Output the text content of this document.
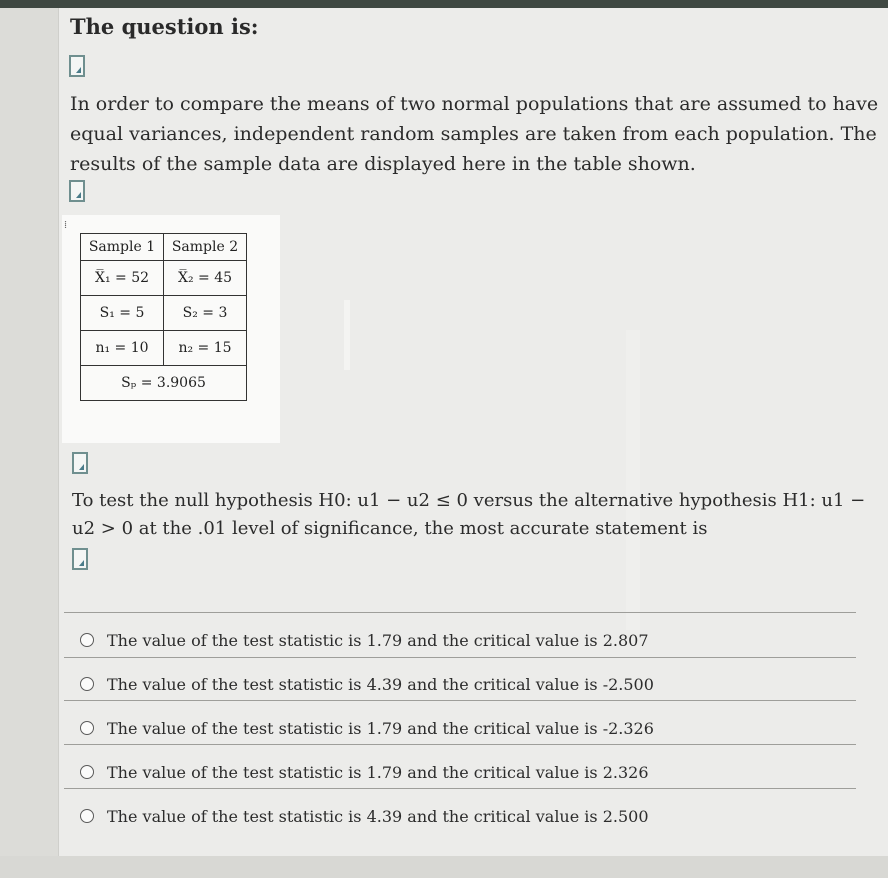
The question is:
In order to compare the means of two normal populations that are assumed to have
equal variances, independent random samples are taken from each population. The
results of the sample data are displayed here in the table shown.
⁞
Sample 1	Sample 2
X̅₁ = 52	X̅₂ = 45
S₁ = 5	S₂ = 3
n₁ = 10	n₂ = 15
Sₚ = 3.9065	
To test the null hypothesis H0: u1 − u2 ≤ 0 versus the alternative hypothesis H1: u1 −
u2 > 0 at the .01 level of significance, the most accurate statement is
The value of the test statistic is 1.79 and the critical value is 2.807
The value of the test statistic is 4.39 and the critical value is -2.500
The value of the test statistic is 1.79 and the critical value is -2.326
The value of the test statistic is 1.79 and the critical value is 2.326
The value of the test statistic is 4.39 and the critical value is 2.500
